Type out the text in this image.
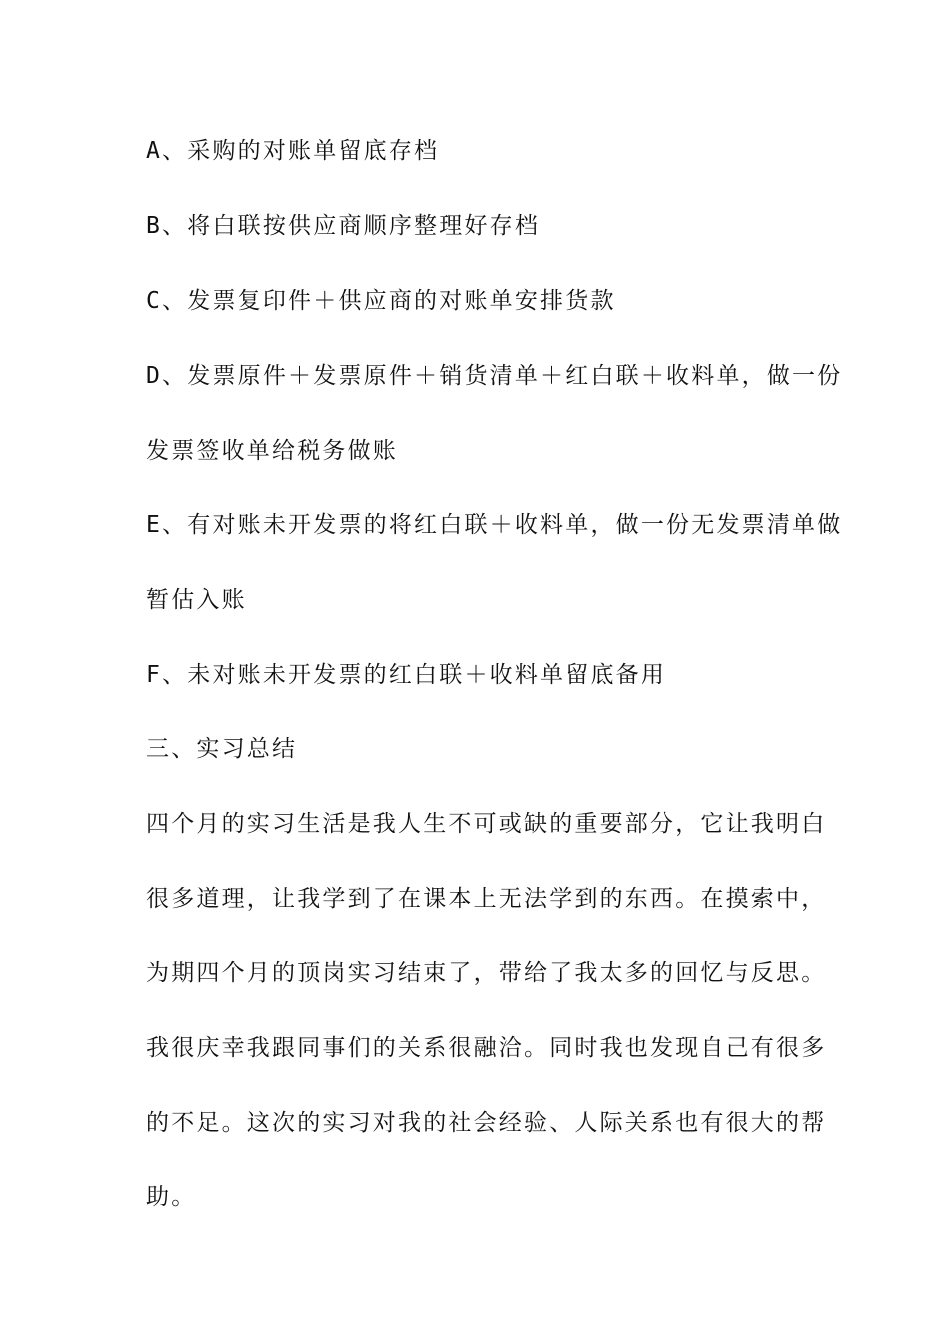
A、采购的对账单留底存档
B、将白联按供应商顺序整理好存档
C、发票复印件＋供应商的对账单安排货款
D、发票原件＋发票原件＋销货清单＋红白联＋收料单，做一份
发票签收单给税务做账
E、有对账未开发票的将红白联＋收料单，做一份无发票清单做
暂估入账
F、未对账未开发票的红白联＋收料单留底备用
三、实习总结
四个月的实习生活是我人生不可或缺的重要部分，它让我明白
很多道理，让我学到了在课本上无法学到的东西。在摸索中，
为期四个月的顶岗实习结束了，带给了我太多的回忆与反思。
我很庆幸我跟同事们的关系很融洽。同时我也发现自己有很多
的不足。这次的实习对我的社会经验、人际关系也有很大的帮
助。
